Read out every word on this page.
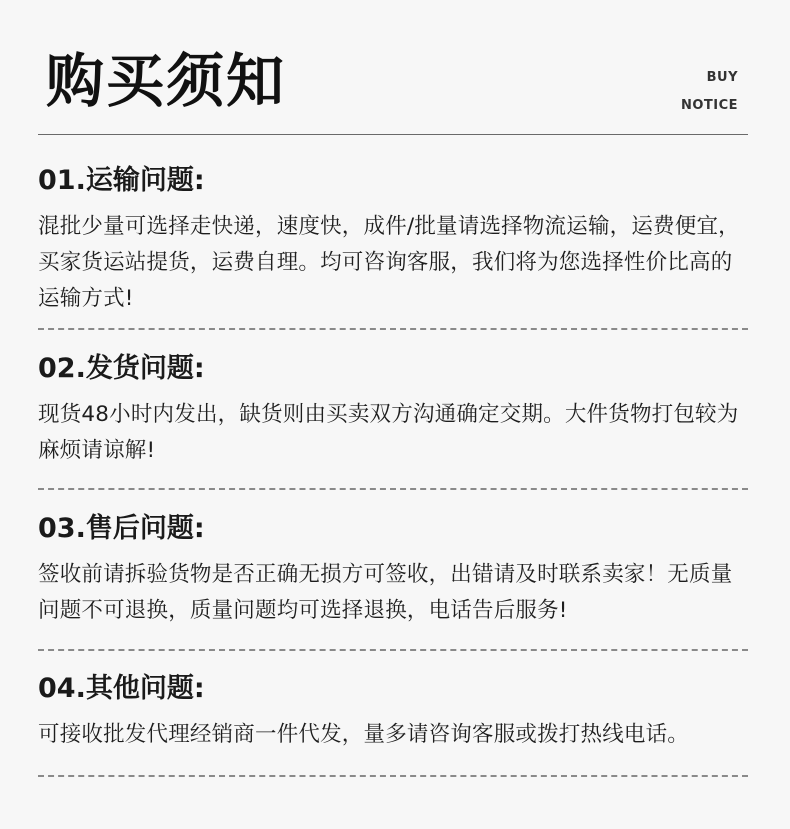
购买须知	BUY
NOTICE
01.运输问题:
混批少量可选择走快递，速度快，成件/批量请选择物流运输，运费便宜，买家货运站提货，运费自理。均可咨询客服，我们将为您选择性价比高的运输方式!
02.发货问题:
现货48小时内发出，缺货则由买卖双方沟通确定交期。大件货物打包较为麻烦请谅解!
03.售后问题:
签收前请拆验货物是否正确无损方可签收，出错请及时联系卖家！无质量问题不可退换，质量问题均可选择退换，电话告后服务!
04.其他问题:
可接收批发代理经销商一件代发，量多请咨询客服或拨打热线电话。
